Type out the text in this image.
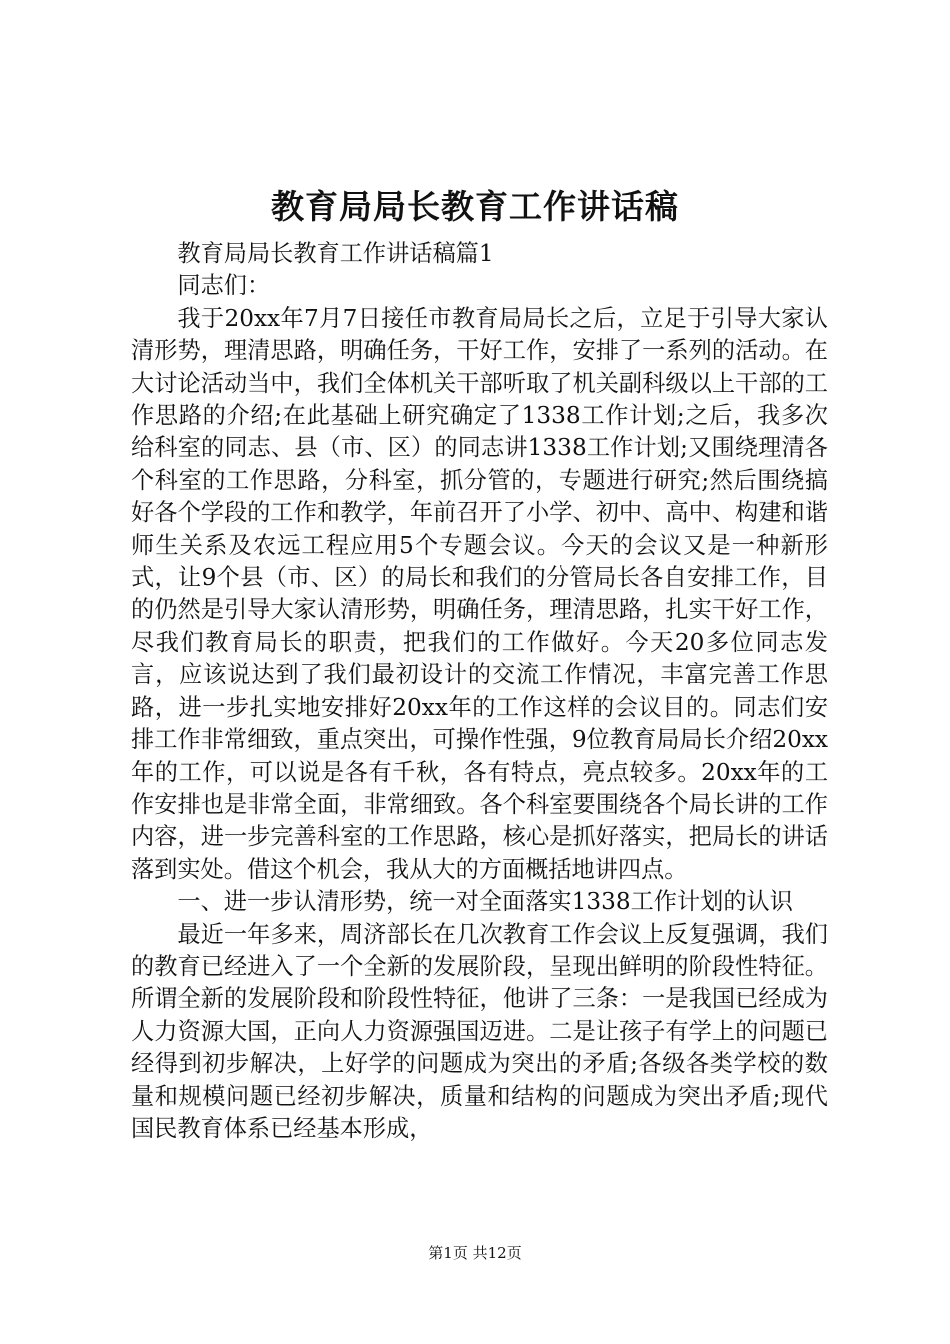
教育局局长教育工作讲话稿

教育局局长教育工作讲话稿篇1

同志们：

我于20xx年7月7日接任市教育局局长之后，立足于引导大家认清形势，理清思路，明确任务，干好工作，安排了一系列的活动。在大讨论活动当中，我们全体机关干部听取了机关副科级以上干部的工作思路的介绍;在此基础上研究确定了1338工作计划;之后，我多次给科室的同志、县（市、区）的同志讲1338工作计划;又围绕理清各个科室的工作思路，分科室，抓分管的，专题进行研究;然后围绕搞好各个学段的工作和教学，年前召开了小学、初中、高中、构建和谐师生关系及农远工程应用5个专题会议。今天的会议又是一种新形式，让9个县（市、区）的局长和我们的分管局长各自安排工作，目的仍然是引导大家认清形势，明确任务，理清思路，扎实干好工作，尽我们教育局长的职责，把我们的工作做好。今天20多位同志发言，应该说达到了我们最初设计的交流工作情况，丰富完善工作思路，进一步扎实地安排好20xx年的工作这样的会议目的。同志们安排工作非常细致，重点突出，可操作性强，9位教育局局长介绍20xx年的工作，可以说是各有千秋，各有特点，亮点较多。20xx年的工作安排也是非常全面，非常细致。各个科室要围绕各个局长讲的工作内容，进一步完善科室的工作思路，核心是抓好落实，把局长的讲话落到实处。借这个机会，我从大的方面概括地讲四点。

一、进一步认清形势，统一对全面落实1338工作计划的认识

最近一年多来，周济部长在几次教育工作会议上反复强调，我们的教育已经进入了一个全新的发展阶段，呈现出鲜明的阶段性特征。所谓全新的发展阶段和阶段性特征，他讲了三条：一是我国已经成为人力资源大国，正向人力资源强国迈进。二是让孩子有学上的问题已经得到初步解决，上好学的问题成为突出的矛盾;各级各类学校的数量和规模问题已经初步解决，质量和结构的问题成为突出矛盾;现代国民教育体系已经基本形成，

第1页 共12页
